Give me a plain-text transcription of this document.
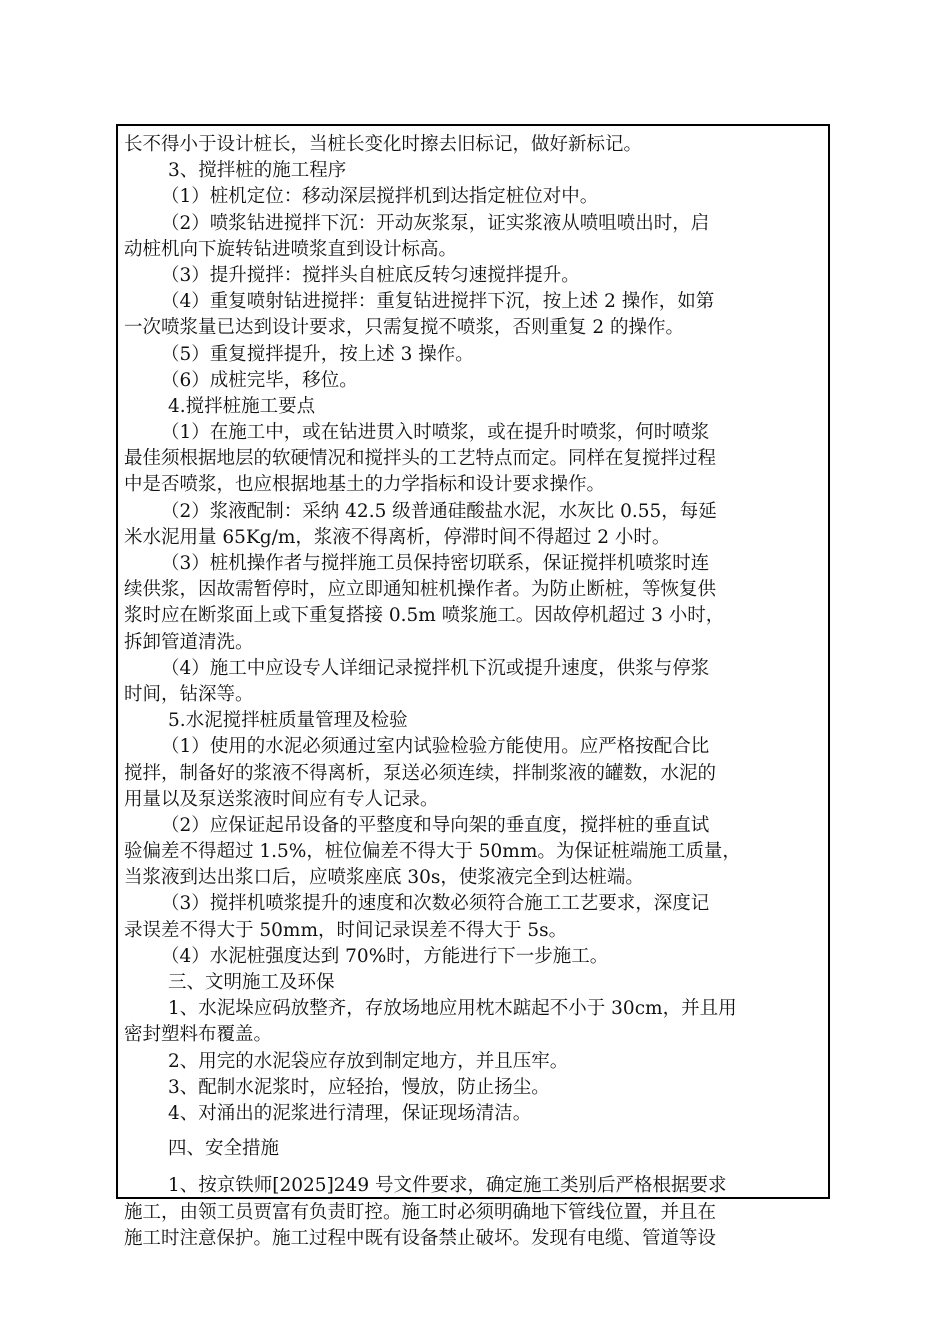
长不得小于设计桩长，当桩长变化时擦去旧标记，做好新标记。
3、搅拌桩的施工程序
（1）桩机定位：移动深层搅拌机到达指定桩位对中。
（2）喷浆钻进搅拌下沉：开动灰浆泵，证实浆液从喷咀喷出时，启
动桩机向下旋转钻进喷浆直到设计标高。
（3）提升搅拌：搅拌头自桩底反转匀速搅拌提升。
（4）重复喷射钻进搅拌：重复钻进搅拌下沉，按上述 2 操作，如第
一次喷浆量已达到设计要求，只需复搅不喷浆，否则重复 2 的操作。
（5）重复搅拌提升，按上述 3 操作。
（6）成桩完毕，移位。
4.搅拌桩施工要点
（1）在施工中，或在钻进贯入时喷浆，或在提升时喷浆，何时喷浆
最佳须根据地层的软硬情况和搅拌头的工艺特点而定。同样在复搅拌过程
中是否喷浆，也应根据地基土的力学指标和设计要求操作。
（2）浆液配制：采纳 42.5 级普通硅酸盐水泥，水灰比 0.55，每延
米水泥用量 65Kg/m，浆液不得离析，停滞时间不得超过 2 小时。
（3）桩机操作者与搅拌施工员保持密切联系，保证搅拌机喷浆时连
续供浆，因故需暂停时，应立即通知桩机操作者。为防止断桩，等恢复供
浆时应在断浆面上或下重复搭接 0.5m 喷浆施工。因故停机超过 3 小时，
拆卸管道清洗。
（4）施工中应设专人详细记录搅拌机下沉或提升速度，供浆与停浆
时间，钻深等。
5.水泥搅拌桩质量管理及检验
（1）使用的水泥必须通过室内试验检验方能使用。应严格按配合比
搅拌，制备好的浆液不得离析，泵送必须连续，拌制浆液的罐数，水泥的
用量以及泵送浆液时间应有专人记录。
（2）应保证起吊设备的平整度和导向架的垂直度，搅拌桩的垂直试
验偏差不得超过 1.5%，桩位偏差不得大于 50mm。为保证桩端施工质量，
当浆液到达出浆口后，应喷浆座底 30s，使浆液完全到达桩端。
（3）搅拌机喷浆提升的速度和次数必须符合施工工艺要求，深度记
录误差不得大于 50mm，时间记录误差不得大于 5s。
（4）水泥桩强度达到 70%时，方能进行下一步施工。
三、文明施工及环保
1、水泥垛应码放整齐，存放场地应用枕木踮起不小于 30cm，并且用
密封塑料布覆盖。
2、用完的水泥袋应存放到制定地方，并且压牢。
3、配制水泥浆时，应轻抬，慢放，防止扬尘。
4、对涌出的泥浆进行清理，保证现场清洁。
四、安全措施
1、按京铁师[2025]249 号文件要求，确定施工类别后严格根据要求
施工，由领工员贾富有负责盯控。施工时必须明确地下管线位置，并且在
施工时注意保护。施工过程中既有设备禁止破坏。发现有电缆、管道等设
